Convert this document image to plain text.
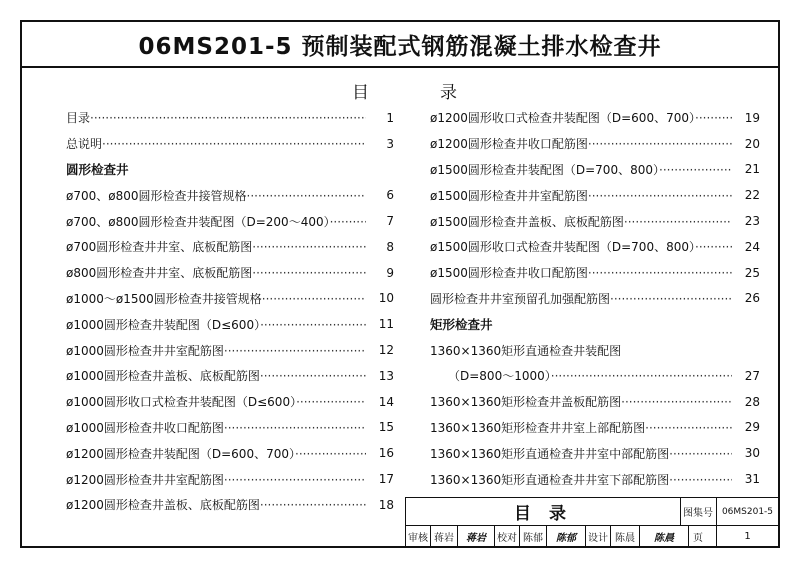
06MS201-5 预制装配式钢筋混凝土排水检查井
目	录
目录 ·····	1
总说明 ·····	3
圆形检查井
ø700、ø800圆形检查井接管规格 ·····	6
ø700、ø800圆形检查井装配图（D=200～400） ·····	7
ø700圆形检查井井室、底板配筋图 ·····	8
ø800圆形检查井井室、底板配筋图 ·····	9
ø1000～ø1500圆形检查井接管规格 ·····	10
ø1000圆形检查井装配图（D≤600） ·····	11
ø1000圆形检查井井室配筋图 ·····	12
ø1000圆形检查井盖板、底板配筋图 ·····	13
ø1000圆形收口式检查井装配图（D≤600） ·····	14
ø1000圆形检查井收口配筋图 ·····	15
ø1200圆形检查井装配图（D=600、700） ·····	16
ø1200圆形检查井井室配筋图 ·····	17
ø1200圆形检查井盖板、底板配筋图 ·····	18
ø1200圆形收口式检查井装配图（D=600、700） ·····	19
ø1200圆形检查井收口配筋图 ·····	20
ø1500圆形检查井装配图（D=700、800） ·····	21
ø1500圆形检查井井室配筋图 ·····	22
ø1500圆形检查井盖板、底板配筋图 ·····	23
ø1500圆形收口式检查井装配图（D=700、800） ·····	24
ø1500圆形检查井收口配筋图 ·····	25
圆形检查井井室预留孔加强配筋图 ·····	26
矩形检查井
1360×1360矩形直通检查井装配图
（D=800～1000） ·····	27
1360×1360矩形检查井盖板配筋图 ·····	28
1360×1360矩形检查井井室上部配筋图 ·····	29
1360×1360矩形直通检查井井室中部配筋图 ·····	30
1360×1360矩形直通检查井井室下部配筋图 ·····	31
目 录	图集号 06MS201-5
审核 蒋岩	蒋岩	校对 陈郁	陈郁	设计 陈晨	陈晨	页	1
